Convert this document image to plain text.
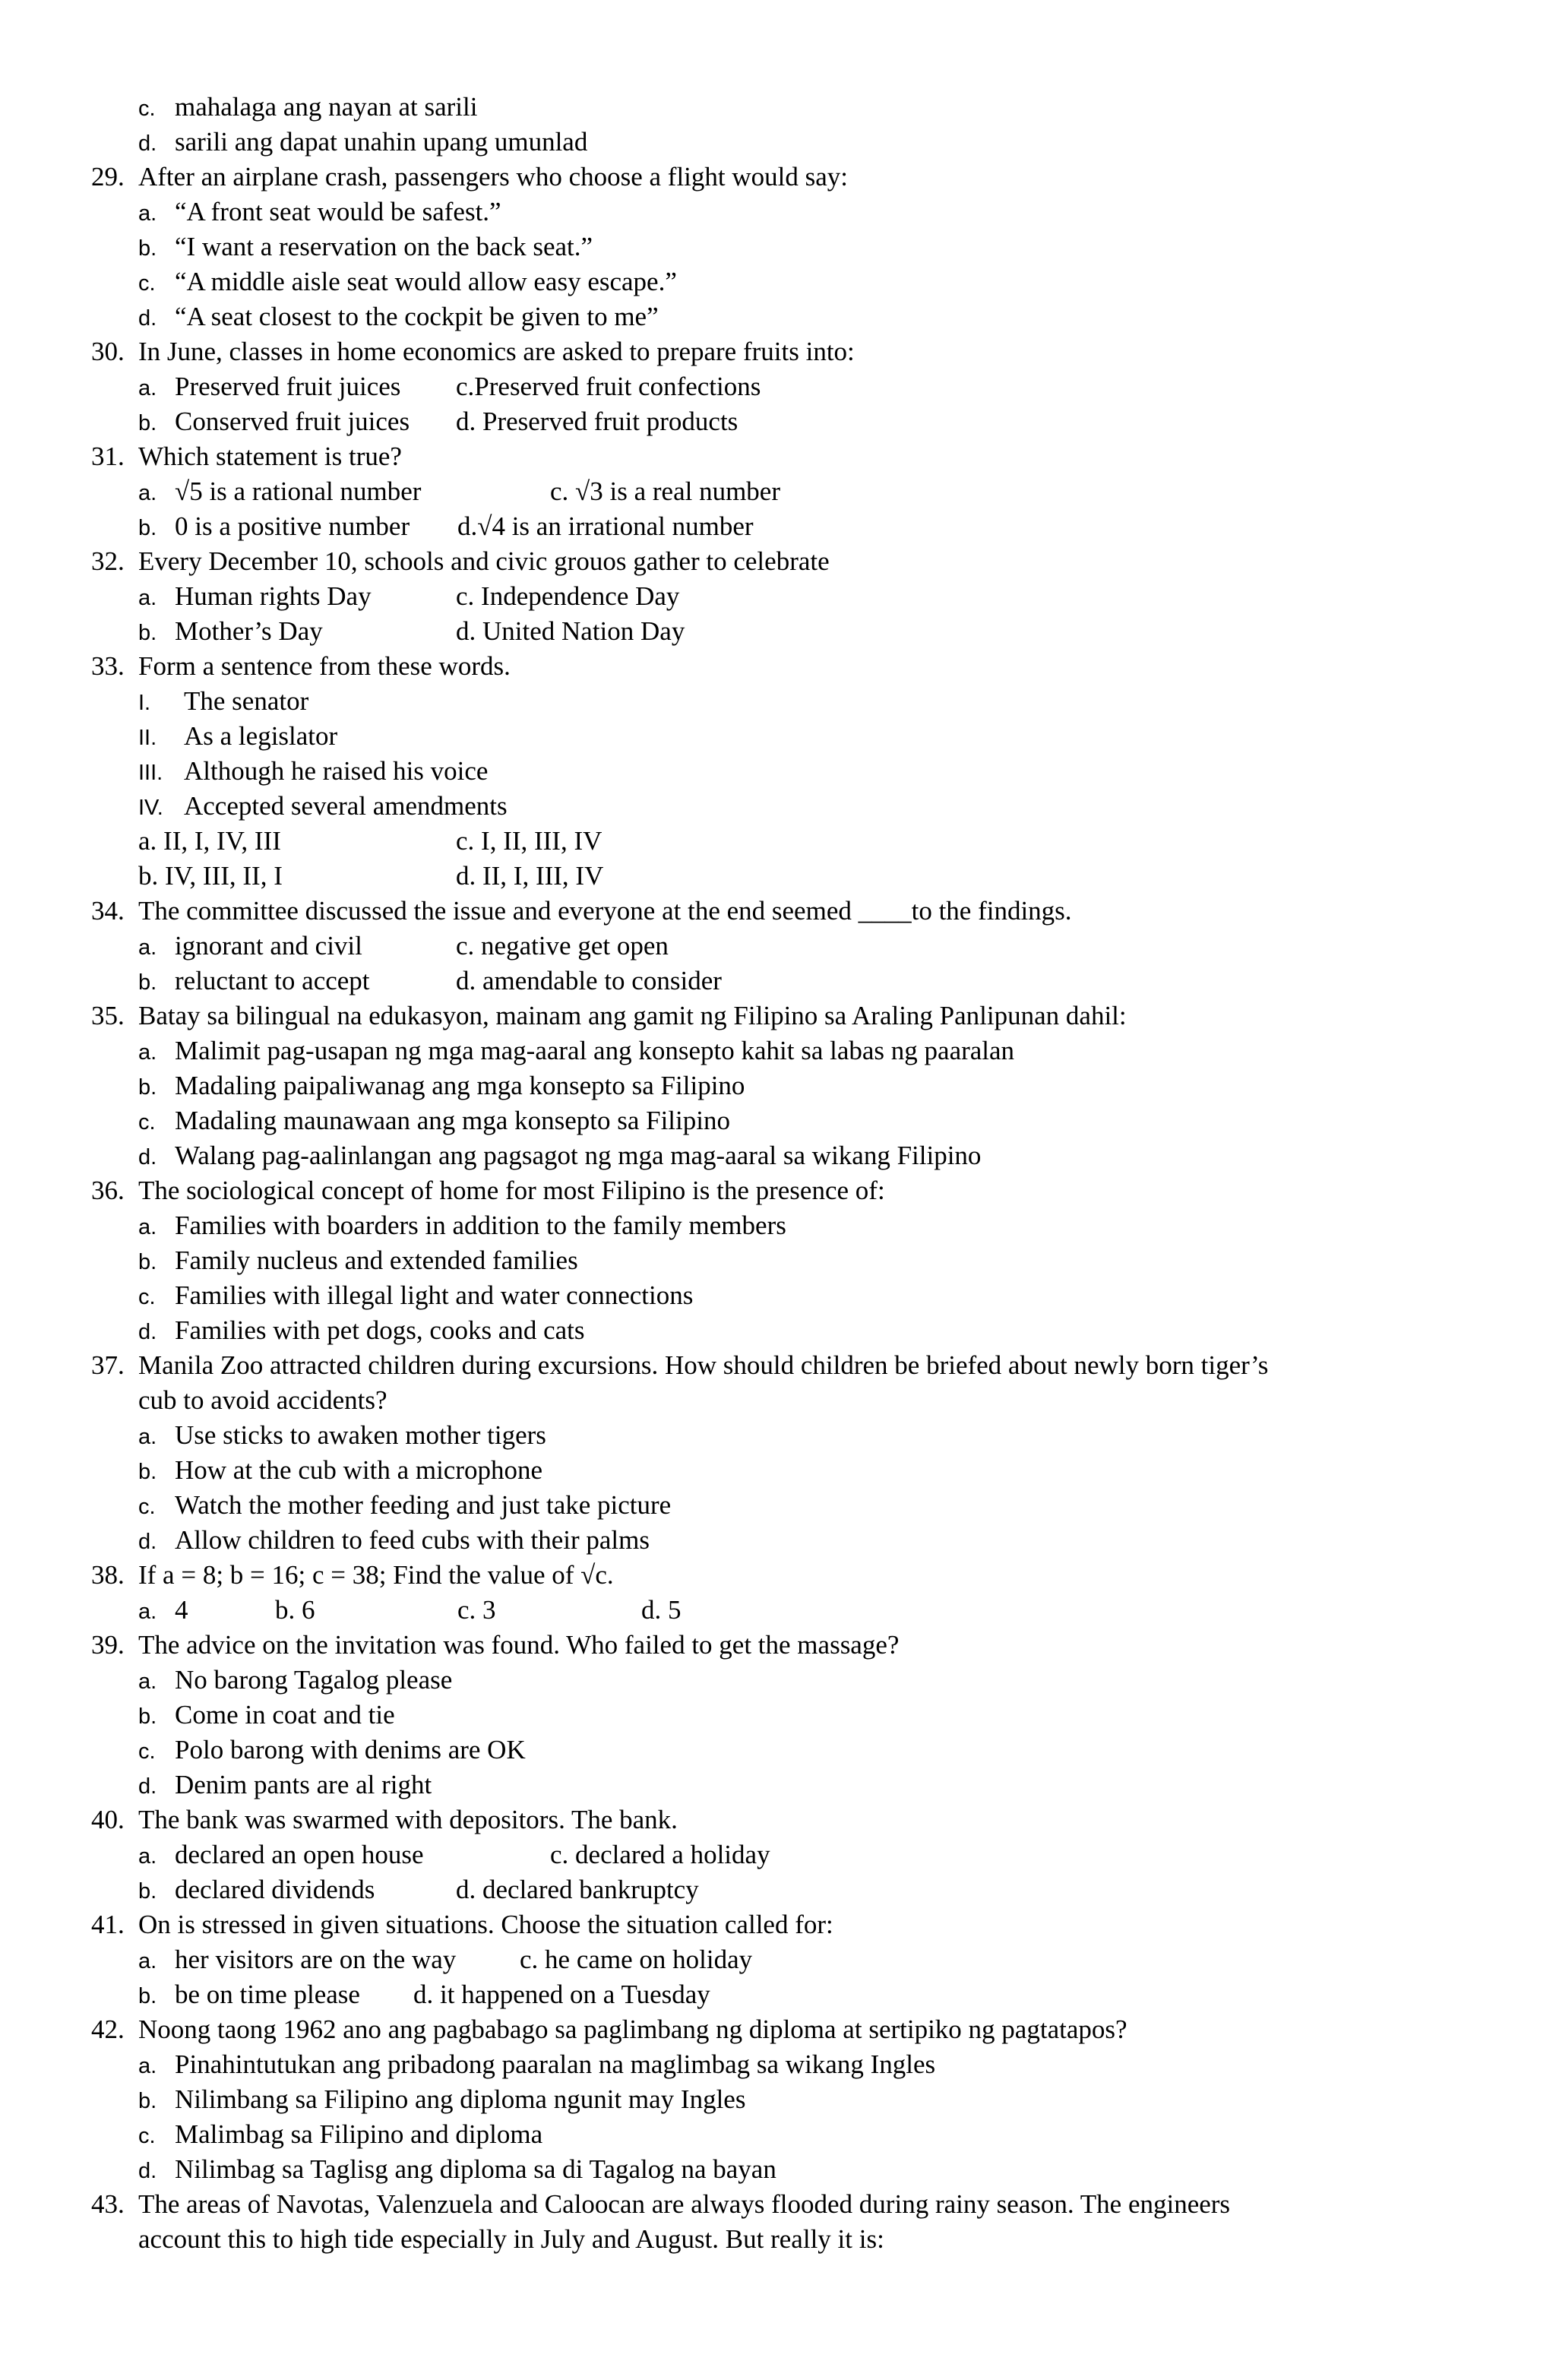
c. mahalaga ang nayan at sarili
d. sarili ang dapat unahin upang umunlad
29. After an airplane crash, passengers who choose a flight would say:
a. “A front seat would be safest.”
b. “I want a reservation on the back seat.”
c. “A middle aisle seat would allow easy escape.”
d. “A seat closest to the cockpit be given to me”
30. In June, classes in home economics are asked to prepare fruits into:
a. Preserved fruit juices c.Preserved fruit confections
b. Conserved fruit juices d. Preserved fruit products
31. Which statement is true?
a. √5 is a rational number	c. √3 is a real number
b. 0 is a positive number d.√4 is an irrational number
32. Every December 10, schools and civic grouos gather to celebrate
a. Human rights Day	c. Independence Day
b. Mother’s Day	d. United Nation Day
33. Form a sentence from these words.
I. The senator
II. As a legislator
III. Although he raised his voice
IV. Accepted several amendments
a. II, I, IV, III	c. I, II, III, IV
b. IV, III, II, I	d. II, I, III, IV
34. The committee discussed the issue and everyone at the end seemed ____to the findings.
a. ignorant and civil	c. negative get open
b. reluctant to accept	d. amendable to consider
35. Batay sa bilingual na edukasyon, mainam ang gamit ng Filipino sa Araling Panlipunan dahil:
a. Malimit pag-usapan ng mga mag-aaral ang konsepto kahit sa labas ng paaralan
b. Madaling paipaliwanag ang mga konsepto sa Filipino
c. Madaling maunawaan ang mga konsepto sa Filipino
d. Walang pag-aalinlangan ang pagsagot ng mga mag-aaral sa wikang Filipino
36. The sociological concept of home for most Filipino is the presence of:
a. Families with boarders in addition to the family members
b. Family nucleus and extended families
c. Families with illegal light and water connections
d. Families with pet dogs, cooks and cats
37. Manila Zoo attracted children during excursions. How should children be briefed about newly born tiger’s
cub to avoid accidents?
a. Use sticks to awaken mother tigers
b. How at the cub with a microphone
c. Watch the mother feeding and just take picture
d. Allow children to feed cubs with their palms
38. If a = 8; b = 16; c = 38; Find the value of √c.
a. 4	b. 6	c. 3	d. 5
39. The advice on the invitation was found. Who failed to get the massage?
a. No barong Tagalog please
b. Come in coat and tie
c. Polo barong with denims are OK
d. Denim pants are al right
40. The bank was swarmed with depositors. The bank.
a. declared an open house	c. declared a holiday
b. declared dividends	d. declared bankruptcy
41. On is stressed in given situations. Choose the situation called for:
a. her visitors are on the way c. he came on holiday
b. be on time please d. it happened on a Tuesday
42. Noong taong 1962 ano ang pagbabago sa paglimbang ng diploma at sertipiko ng pagtatapos?
a. Pinahintutukan ang pribadong paaralan na maglimbag sa wikang Ingles
b. Nilimbang sa Filipino ang diploma ngunit may Ingles
c. Malimbag sa Filipino and diploma
d. Nilimbag sa Taglisg ang diploma sa di Tagalog na bayan
43. The areas of Navotas, Valenzuela and Caloocan are always flooded during rainy season. The engineers
account this to high tide especially in July and August. But really it is:
